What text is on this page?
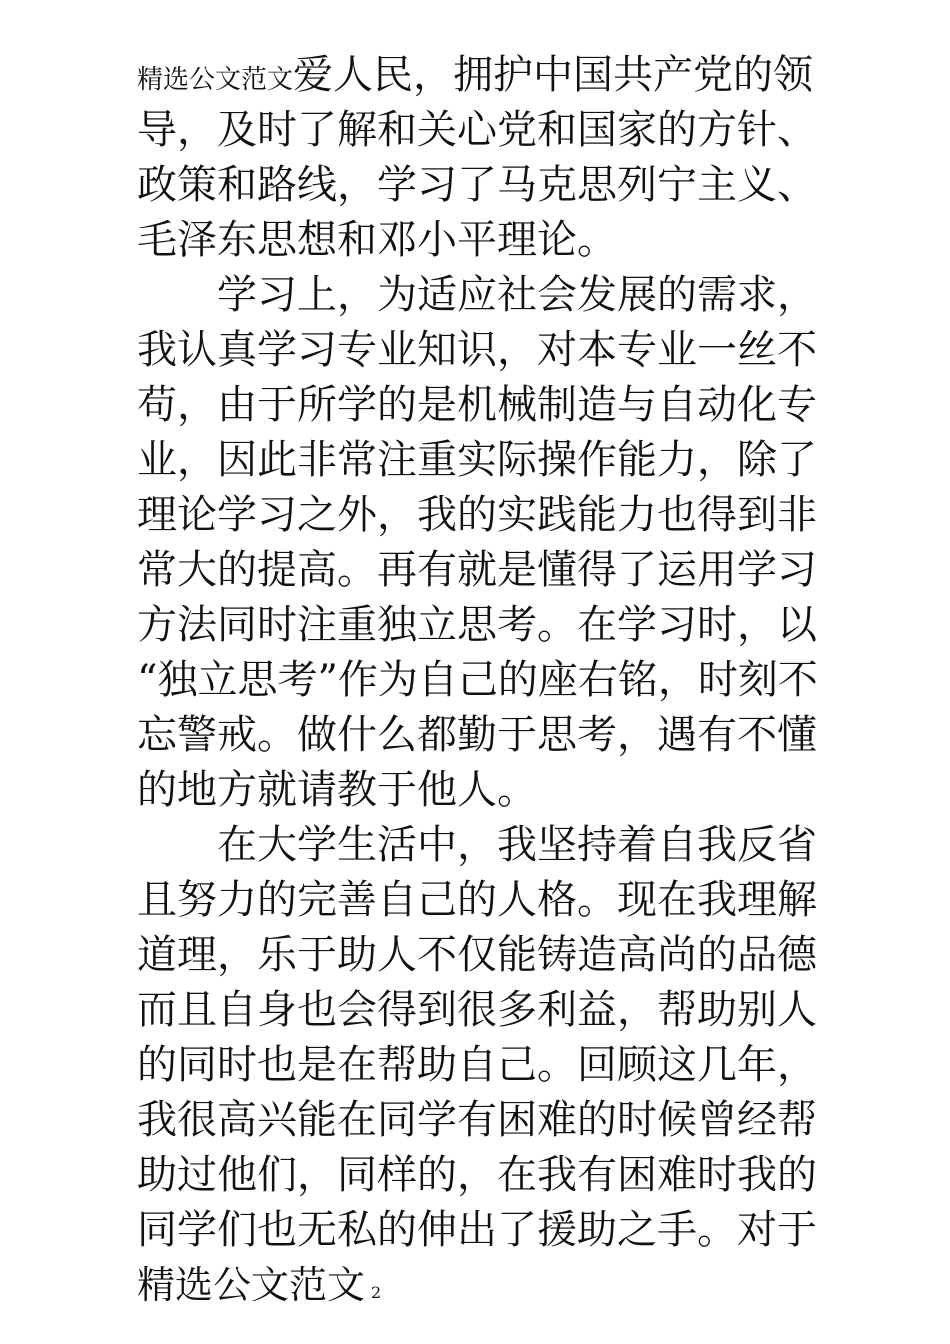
精选公文范文爱人民，拥护中国共产党的领
导，及时了解和关心党和国家的方针、
政策和路线，学习了马克思列宁主义、
毛泽东思想和邓小平理论。
学习上，为适应社会发展的需求，
我认真学习专业知识，对本专业一丝不
苟，由于所学的是机械制造与自动化专
业，因此非常注重实际操作能力，除了
理论学习之外，我的实践能力也得到非
常大的提高。再有就是懂得了运用学习
方法同时注重独立思考。在学习时，以
“独立思考”作为自己的座右铭，时刻不
忘警戒。做什么都勤于思考，遇有不懂
的地方就请教于他人。
在大学生活中，我坚持着自我反省
且努力的完善自己的人格。现在我理解
道理，乐于助人不仅能铸造高尚的品德
而且自身也会得到很多利益，帮助别人
的同时也是在帮助自己。回顾这几年，
我很高兴能在同学有困难的时候曾经帮
助过他们，同样的，在我有困难时我的
同学们也无私的伸出了援助之手。对于
精选公文范文 2
